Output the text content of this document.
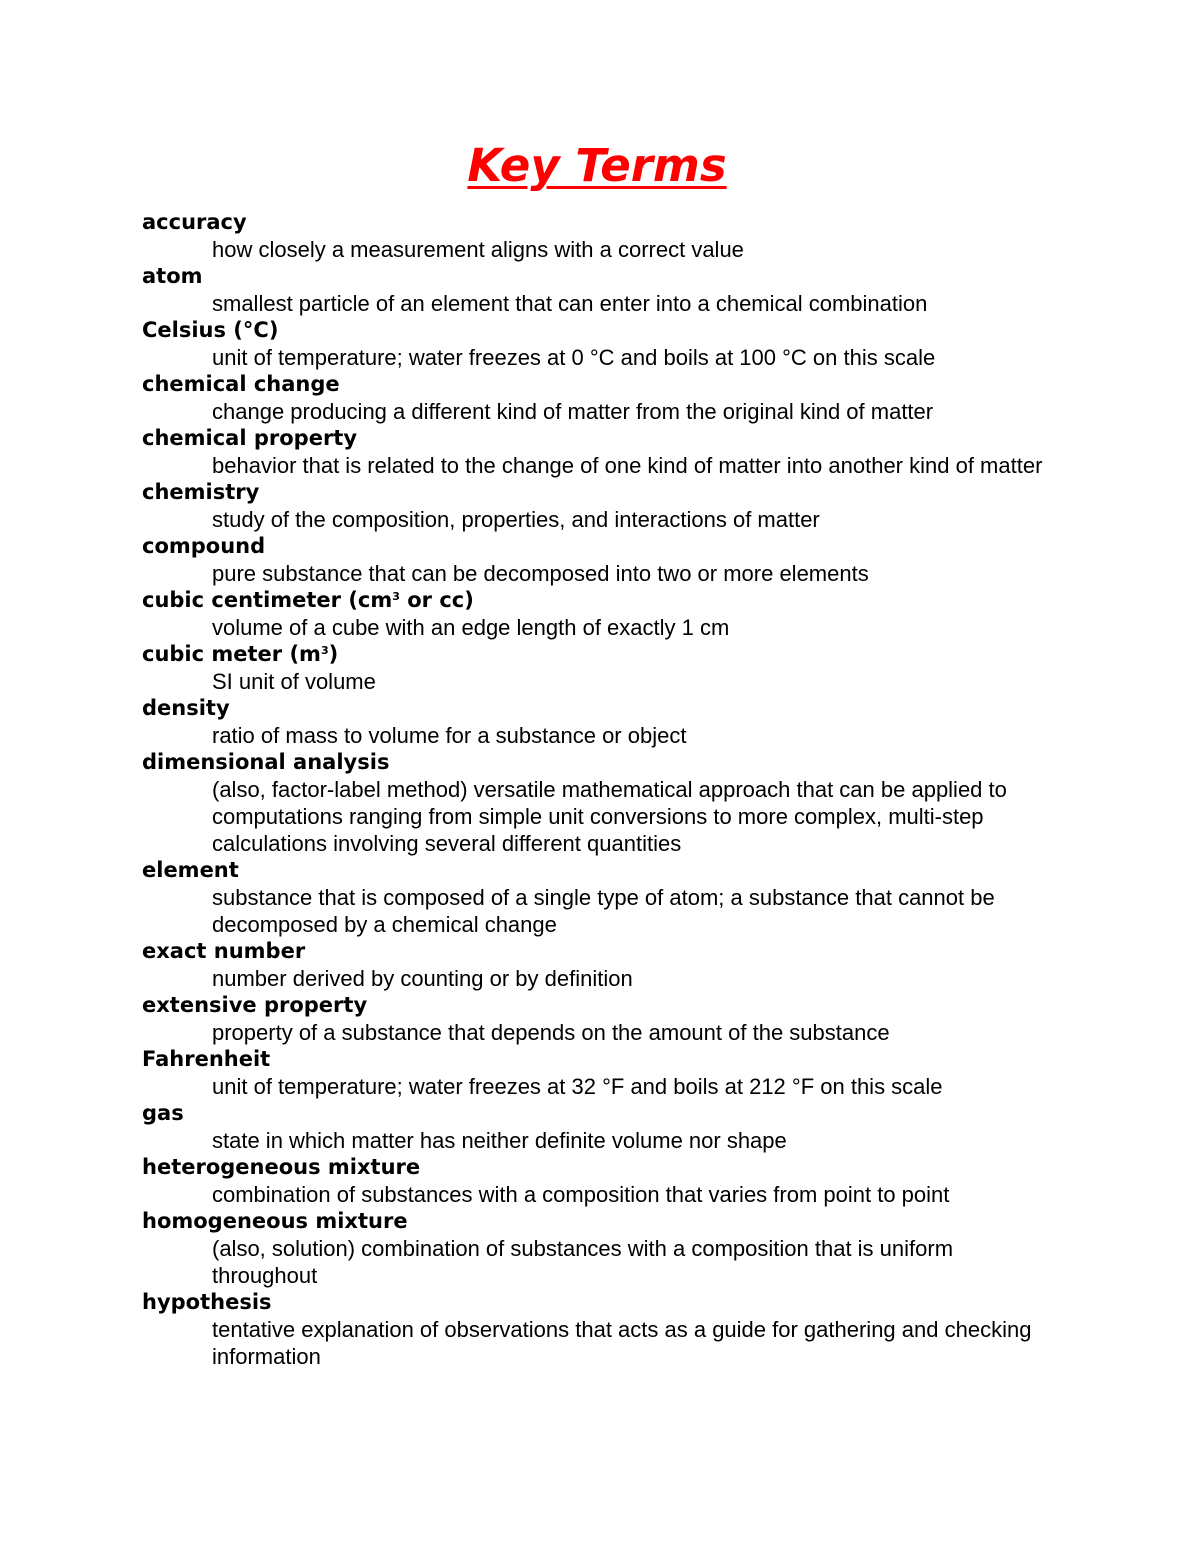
Key Terms

accuracy

how closely a measurement aligns with a correct value

atom

smallest particle of an element that can enter into a chemical combination

Celsius (°C)

unit of temperature; water freezes at 0 °C and boils at 100 °C on this scale

chemical change

change producing a different kind of matter from the original kind of matter

chemical property

behavior that is related to the change of one kind of matter into another kind of matter

chemistry

study of the composition, properties, and interactions of matter

compound

pure substance that can be decomposed into two or more elements

cubic centimeter ($cm^3$ or cc)

volume of a cube with an edge length of exactly 1 cm

cubic meter $(m^3)$

SI unit of volume

density

ratio of mass to volume for a substance or object

dimensional analysis

(also, factor-label method) versatile mathematical approach that can be applied to computations ranging from simple unit conversions to more complex, multi-step calculations involving several different quantities

element

substance that is composed of a single type of atom; a substance that cannot be decomposed by a chemical change

exact number

number derived by counting or by definition

extensive property

property of a substance that depends on the amount of the substance

Fahrenheit

unit of temperature; water freezes at 32 °F and boils at 212 °F on this scale

gas

state in which matter has neither definite volume nor shape

heterogeneous mixture

combination of substances with a composition that varies from point to point

homogeneous mixture

(also, solution) combination of substances with a composition that is uniform throughout

hypothesis

tentative explanation of observations that acts as a guide for gathering and checking information
